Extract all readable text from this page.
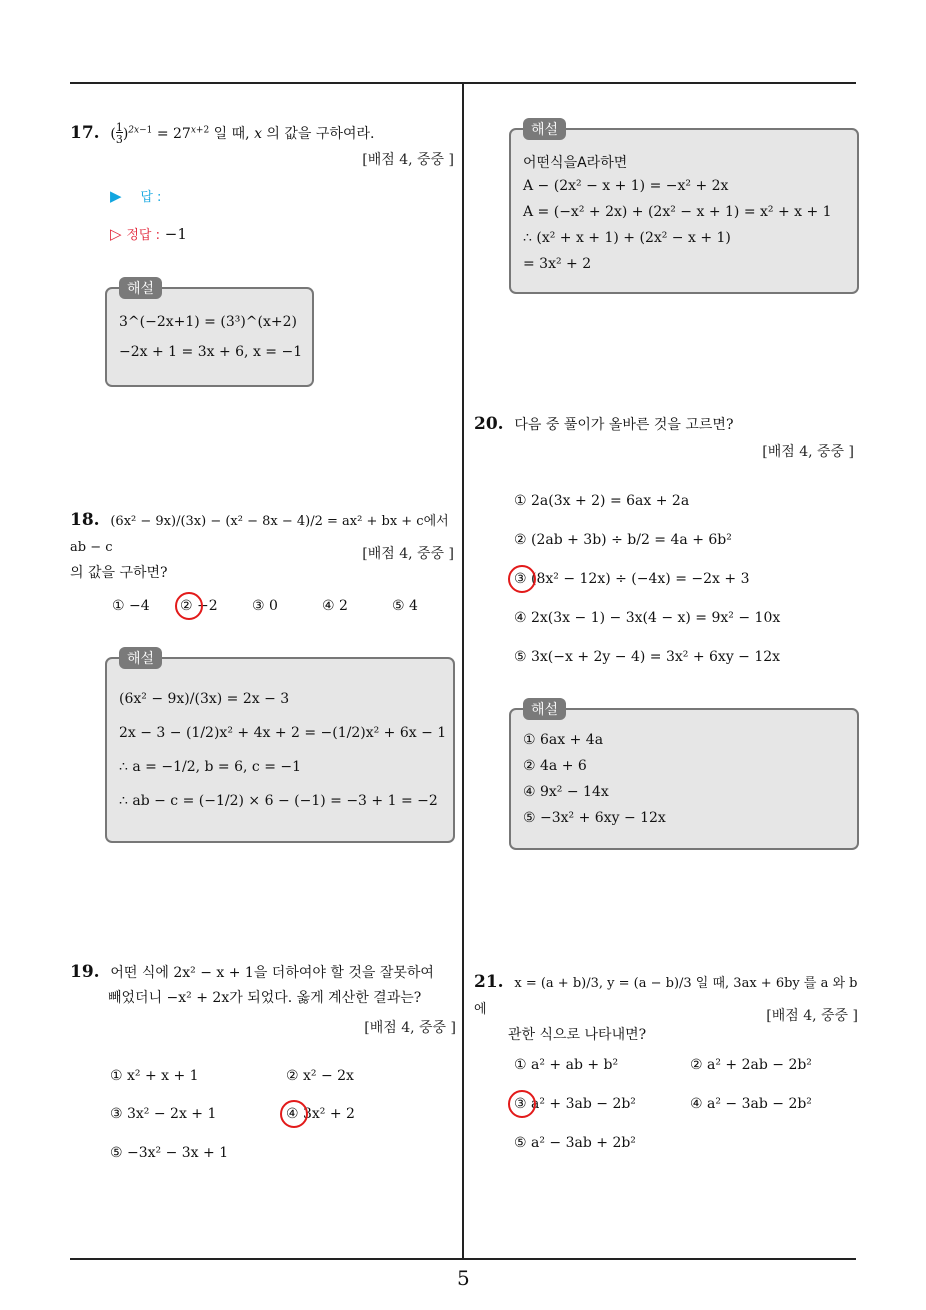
17. (1
$3)^{2x-1} = 27^{x+2}$ 일 때, x 의 값을 구하여라.
[배점 4, 중중 ]
▶ 답 :
▷ 정답 : −1
해설
3^(−2x+1) = (3³)^(x+2)
−2x + 1 = 3x + 6, x = −1
18. (6x² − 9x)/(3x) − (x² − 8x − 4)/2 = ax² + bx + c에서 ab − c
의 값을 구하면?
[배점 4, 중중 ]
① −4 ② −2 ③ 0	④ 2	⑤ 4
해설
(6x² − 9x)/(3x) = 2x − 3
2x − 3 − (1/2)x² + 4x + 2 = −(1/2)x² + 6x − 1
∴ a = −1/2, b = 6, c = −1
∴ ab − c = (−1/2) × 6 − (−1) = −3 + 1 = −2
19. 어떤 식에 2x² − x + 1을 더하여야 할 것을 잘못하여
빼었더니 −x² + 2x가 되었다. 옳게 계산한 결과는?
[배점 4, 중중 ]
① x² + x + 1	② x² − 2x
③ 3x² − 2x + 1	④ 3x² + 2
⑤ −3x² − 3x + 1
해설
어떤식을A라하면
A − (2x² − x + 1) = −x² + 2x
A = (−x² + 2x) + (2x² − x + 1) = x² + x + 1
∴ (x² + x + 1) + (2x² − x + 1)
= 3x² + 2
20. 다음 중 풀이가 올바른 것을 고르면?
[배점 4, 중중 ]
① 2a(3x + 2) = 6ax + 2a
② (2ab + 3b) ÷ b/2 = 4a + 6b²
③ (8x² − 12x) ÷ (−4x) = −2x + 3
④ 2x(3x − 1) − 3x(4 − x) = 9x² − 10x
⑤ 3x(−x + 2y − 4) = 3x² + 6xy − 12x
해설
① 6ax + 4a
② 4a + 6
④ 9x² − 14x
⑤ −3x² + 6xy − 12x
21. x = (a + b)/3, y = (a − b)/3 일 때, 3ax + 6by 를 a 와 b 에
관한 식으로 나타내면?
[배점 4, 중중 ]
① a² + ab + b²	② a² + 2ab − 2b²
③ a² + 3ab − 2b²	④ a² − 3ab − 2b²
⑤ a² − 3ab + 2b²
5
